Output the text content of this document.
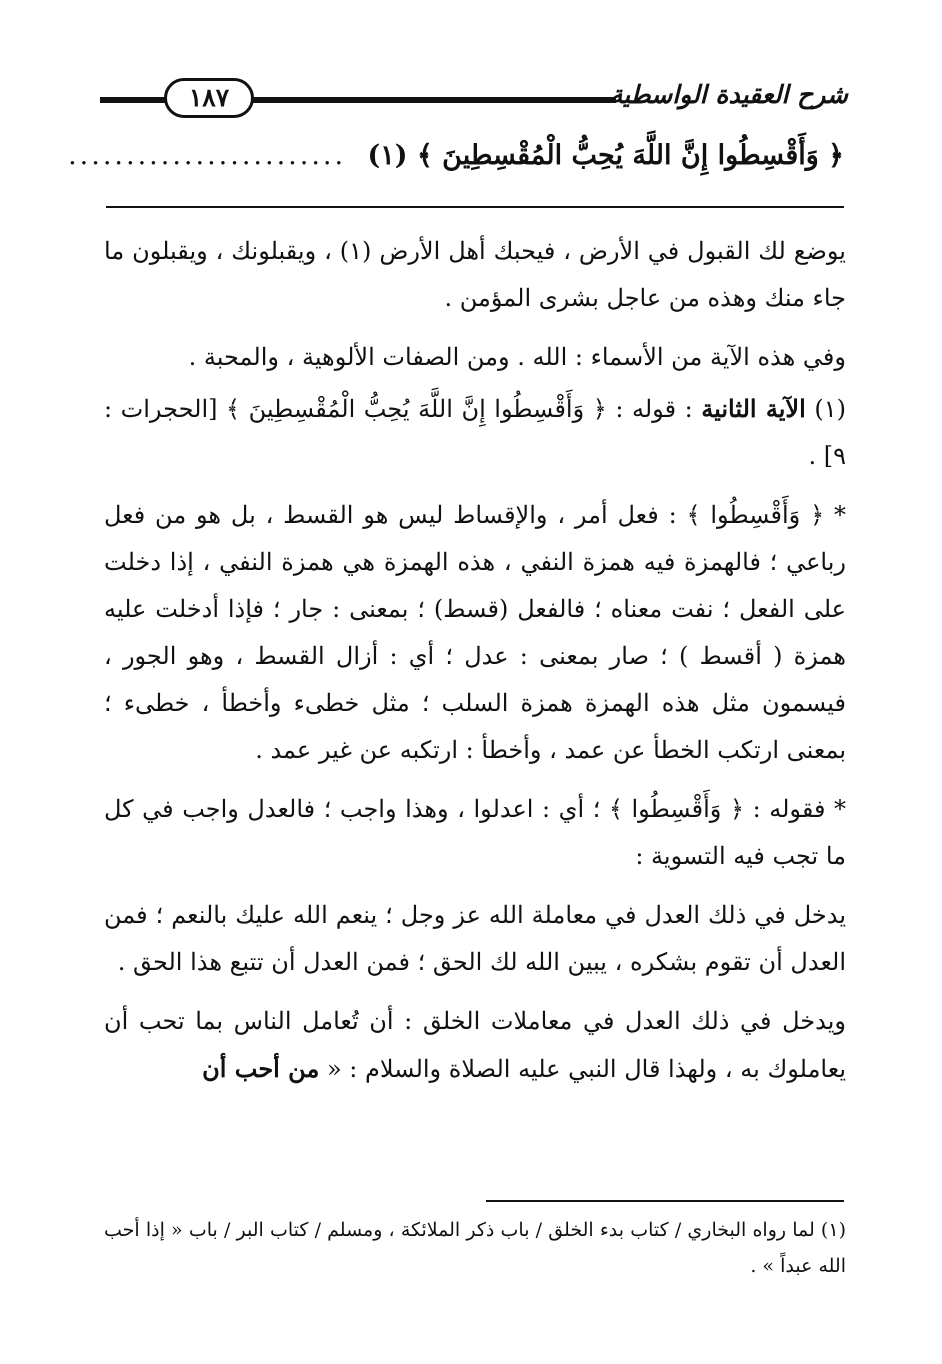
١٨٧	شرح العقيدة الواسطية
﴿ وَأَقْسِطُوا إِنَّ اللَّهَ يُحِبُّ الْمُقْسِطِينَ ﴾ (١) ........................

يوضع لك القبول في الأرض ، فيحبك أهل الأرض (١) ، ويقبلونك ، ويقبلون ما جاء منك وهذه من عاجل بشرى المؤمن .

وفي هذه الآية من الأسماء : الله . ومن الصفات الألوهية ، والمحبة .

(١) الآية الثانية : قوله : ﴿ وَأَقْسِطُوا إِنَّ اللَّهَ يُحِبُّ الْمُقْسِطِينَ ﴾ [الحجرات : ٩] .

* ﴿ وَأَقْسِطُوا ﴾ : فعل أمر ، والإقساط ليس هو القسط ، بل هو من فعل رباعي ؛ فالهمزة فيه همزة النفي ، هذه الهمزة هي همزة النفي ، إذا دخلت على الفعل ؛ نفت معناه ؛ فالفعل (قسط) ؛ بمعنى : جار ؛ فإذا أدخلت عليه همزة ( أقسط ) ؛ صار بمعنى : عدل ؛ أي : أزال القسط ، وهو الجور ، فيسمون مثل هذه الهمزة همزة السلب ؛ مثل خطىء وأخطأ ، خطىء ؛ بمعنى ارتكب الخطأ عن عمد ، وأخطأ : ارتكبه عن غير عمد .

* فقوله : ﴿ وَأَقْسِطُوا ﴾ ؛ أي : اعدلوا ، وهذا واجب ؛ فالعدل واجب في كل ما تجب فيه التسوية :

يدخل في ذلك العدل في معاملة الله عز وجل ؛ ينعم الله عليك بالنعم ؛ فمن العدل أن تقوم بشكره ، يبين الله لك الحق ؛ فمن العدل أن تتبع هذا الحق .

ويدخل في ذلك العدل في معاملات الخلق : أن تُعامل الناس بما تحب أن يعاملوك به ، ولهذا قال النبي عليه الصلاة والسلام : « من أحب أن

(١) لما رواه البخاري / كتاب بدء الخلق / باب ذكر الملائكة ، ومسلم / كتاب البر / باب « إذا أحب الله عبداً » .
